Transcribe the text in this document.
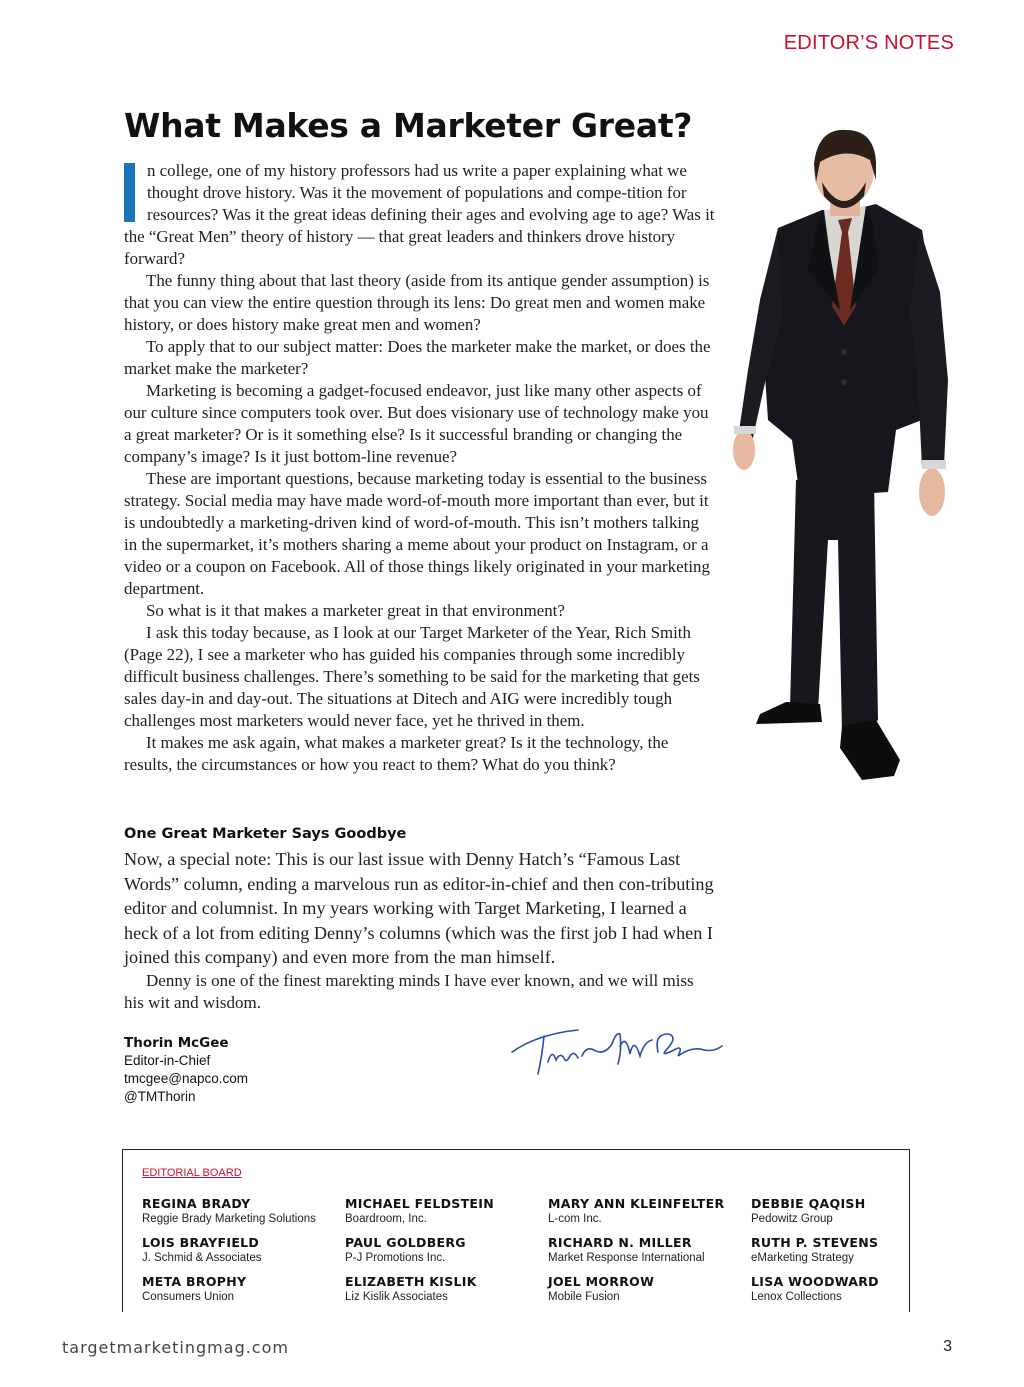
EDITOR’S NOTES
What Makes a Marketer Great?

n college, one of my history professors had us write a paper explaining what we thought drove history. Was it the movement of populations and compe-tition for resources? Was it the great ideas defining their ages and evolving age to age? Was it the “Great Men” theory of history — that great leaders and thinkers drove history forward?

The funny thing about that last theory (aside from its antique gender assumption) is that you can view the entire question through its lens: Do great men and women make history, or does history make great men and women?

To apply that to our subject matter: Does the marketer make the market, or does the market make the marketer?

Marketing is becoming a gadget-focused endeavor, just like many other aspects of our culture since computers took over. But does visionary use of technology make you a great marketer? Or is it something else? Is it successful branding or changing the company’s image? Is it just bottom-line revenue?

These are important questions, because marketing today is essential to the business strategy. Social media may have made word-of-mouth more important than ever, but it is undoubtedly a marketing-driven kind of word-of-mouth. This isn’t mothers talking in the supermarket, it’s mothers sharing a meme about your product on Instagram, or a video or a coupon on Facebook. All of those things likely originated in your marketing department.

So what is it that makes a marketer great in that environment?

I ask this today because, as I look at our Target Marketer of the Year, Rich Smith (Page 22), I see a marketer who has guided his companies through some incredibly difficult business challenges. There’s something to be said for the marketing that gets sales day-in and day-out. The situations at Ditech and AIG were incredibly tough challenges most marketers would never face, yet he thrived in them.

It makes me ask again, what makes a marketer great? Is it the technology, the results, the circumstances or how you react to them? What do you think?

One Great Marketer Says Goodbye

Now, a special note: This is our last issue with Denny Hatch’s “Famous Last Words” column, ending a marvelous run as editor-in-chief and then con-tributing editor and columnist. In my years working with Target Marketing, I learned a heck of a lot from editing Denny’s columns (which was the first job I had when I joined this company) and even more from the man himself.

Denny is one of the finest marekting minds I have ever known, and we will miss his wit and wisdom.

Thorin McGee
Editor-in-Chief
tmcgee@napco.com
@TMThorin
EDITORIAL BOARD
REGINA BRADY
Reggie Brady Marketing Solutions
MICHAEL FELDSTEIN
Boardroom, Inc.
MARY ANN KLEINFELTER
L-com Inc.
DEBBIE QAQISH
Pedowitz Group
LOIS BRAYFIELD
J. Schmid & Associates
PAUL GOLDBERG
P-J Promotions Inc.
RICHARD N. MILLER
Market Response International
RUTH P. STEVENS
eMarketing Strategy
META BROPHY
Consumers Union
ELIZABETH KISLIK
Liz Kislik Associates
JOEL MORROW
Mobile Fusion
LISA WOODWARD
Lenox Collections
targetmarketingmag.com	3
